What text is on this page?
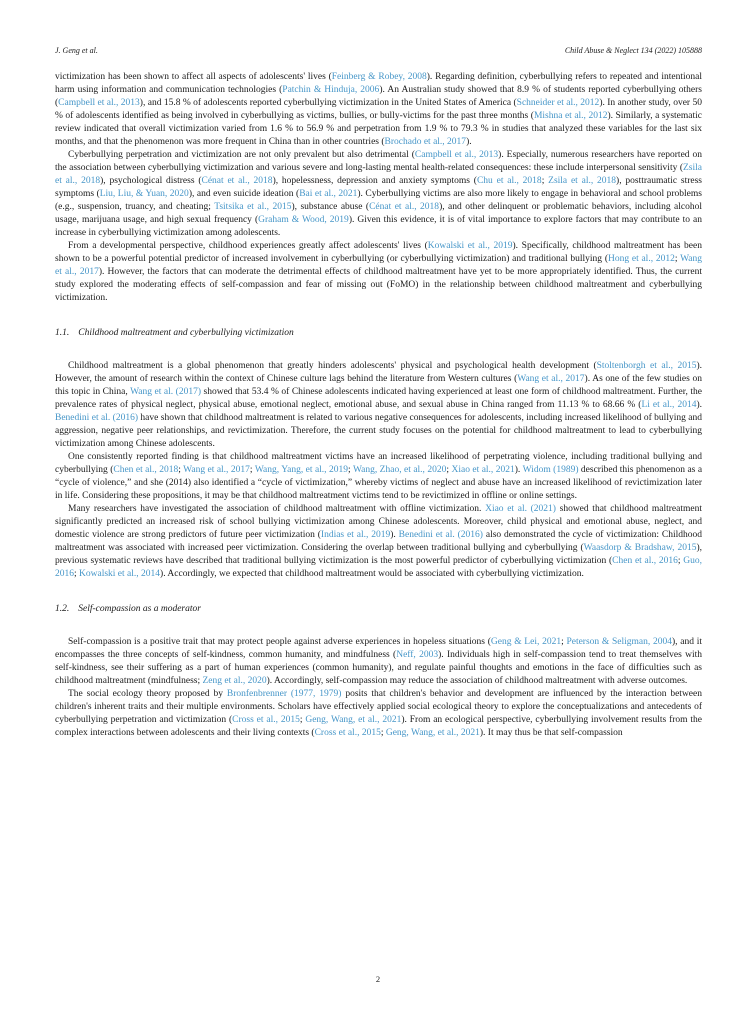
J. Geng et al.	Child Abuse & Neglect 134 (2022) 105888

victimization has been shown to affect all aspects of adolescents' lives (Feinberg & Robey, 2008). Regarding definition, cyberbullying refers to repeated and intentional harm using information and communication technologies (Patchin & Hinduja, 2006). An Australian study showed that 8.9 % of students reported cyberbullying others (Campbell et al., 2013), and 15.8 % of adolescents reported cyberbullying victimization in the United States of America (Schneider et al., 2012). In another study, over 50 % of adolescents identified as being involved in cyberbullying as victims, bullies, or bully-victims for the past three months (Mishna et al., 2012). Similarly, a systematic review indicated that overall victimization varied from 1.6 % to 56.9 % and perpetration from 1.9 % to 79.3 % in studies that analyzed these variables for the last six months, and that the phenomenon was more frequent in China than in other countries (Brochado et al., 2017).

Cyberbullying perpetration and victimization are not only prevalent but also detrimental (Campbell et al., 2013). Especially, numerous researchers have reported on the association between cyberbullying victimization and various severe and long-lasting mental health-related consequences: these include interpersonal sensitivity (Zsila et al., 2018), psychological distress (Cénat et al., 2018), hopelessness, depression and anxiety symptoms (Chu et al., 2018; Zsila et al., 2018), posttraumatic stress symptoms (Liu, Liu, & Yuan, 2020), and even suicide ideation (Bai et al., 2021). Cyberbullying victims are also more likely to engage in behavioral and school problems (e.g., suspension, truancy, and cheating; Tsitsika et al., 2015), substance abuse (Cénat et al., 2018), and other delinquent or problematic behaviors, including alcohol usage, marijuana usage, and high sexual frequency (Graham & Wood, 2019). Given this evidence, it is of vital importance to explore factors that may contribute to an increase in cyberbullying victimization among adolescents.

From a developmental perspective, childhood experiences greatly affect adolescents' lives (Kowalski et al., 2019). Specifically, childhood maltreatment has been shown to be a powerful potential predictor of increased involvement in cyberbullying (or cyberbullying victimization) and traditional bullying (Hong et al., 2012; Wang et al., 2017). However, the factors that can moderate the detrimental effects of childhood maltreatment have yet to be more appropriately identified. Thus, the current study explored the moderating effects of self-compassion and fear of missing out (FoMO) in the relationship between childhood maltreatment and cyberbullying victimization.

1.1. Childhood maltreatment and cyberbullying victimization

Childhood maltreatment is a global phenomenon that greatly hinders adolescents' physical and psychological health development (Stoltenborgh et al., 2015). However, the amount of research within the context of Chinese culture lags behind the literature from Western cultures (Wang et al., 2017). As one of the few studies on this topic in China, Wang et al. (2017) showed that 53.4 % of Chinese adolescents indicated having experienced at least one form of childhood maltreatment. Further, the prevalence rates of physical neglect, physical abuse, emotional neglect, emotional abuse, and sexual abuse in China ranged from 11.13 % to 68.66 % (Li et al., 2014). Benedini et al. (2016) have shown that childhood maltreatment is related to various negative consequences for adolescents, including increased likelihood of bullying and aggression, negative peer relationships, and revictimization. Therefore, the current study focuses on the potential for childhood maltreatment to lead to cyberbullying victimization among Chinese adolescents.

One consistently reported finding is that childhood maltreatment victims have an increased likelihood of perpetrating violence, including traditional bullying and cyberbullying (Chen et al., 2018; Wang et al., 2017; Wang, Yang, et al., 2019; Wang, Zhao, et al., 2020; Xiao et al., 2021). Widom (1989) described this phenomenon as a “cycle of violence,” and she (2014) also identified a “cycle of victimization,” whereby victims of neglect and abuse have an increased likelihood of revictimization later in life. Considering these propositions, it may be that childhood maltreatment victims tend to be revictimized in offline or online settings.

Many researchers have investigated the association of childhood maltreatment with offline victimization. Xiao et al. (2021) showed that childhood maltreatment significantly predicted an increased risk of school bullying victimization among Chinese adolescents. Moreover, child physical and emotional abuse, neglect, and domestic violence are strong predictors of future peer victimization (Indias et al., 2019). Benedini et al. (2016) also demonstrated the cycle of victimization: Childhood maltreatment was associated with increased peer victimization. Considering the overlap between traditional bullying and cyberbullying (Waasdorp & Bradshaw, 2015), previous systematic reviews have described that traditional bullying victimization is the most powerful predictor of cyberbullying victimization (Chen et al., 2016; Guo, 2016; Kowalski et al., 2014). Accordingly, we expected that childhood maltreatment would be associated with cyberbullying victimization.

1.2. Self-compassion as a moderator

Self-compassion is a positive trait that may protect people against adverse experiences in hopeless situations (Geng & Lei, 2021; Peterson & Seligman, 2004), and it encompasses the three concepts of self-kindness, common humanity, and mindfulness (Neff, 2003). Individuals high in self-compassion tend to treat themselves with self-kindness, see their suffering as a part of human experiences (common humanity), and regulate painful thoughts and emotions in the face of difficulties such as childhood maltreatment (mindfulness; Zeng et al., 2020). Accordingly, self-compassion may reduce the association of childhood maltreatment with adverse outcomes.

The social ecology theory proposed by Bronfenbrenner (1977, 1979) posits that children's behavior and development are influenced by the interaction between children's inherent traits and their multiple environments. Scholars have effectively applied social ecological theory to explore the conceptualizations and antecedents of cyberbullying perpetration and victimization (Cross et al., 2015; Geng, Wang, et al., 2021). From an ecological perspective, cyberbullying involvement results from the complex interactions between adolescents and their living contexts (Cross et al., 2015; Geng, Wang, et al., 2021). It may thus be that self-compassion

2
